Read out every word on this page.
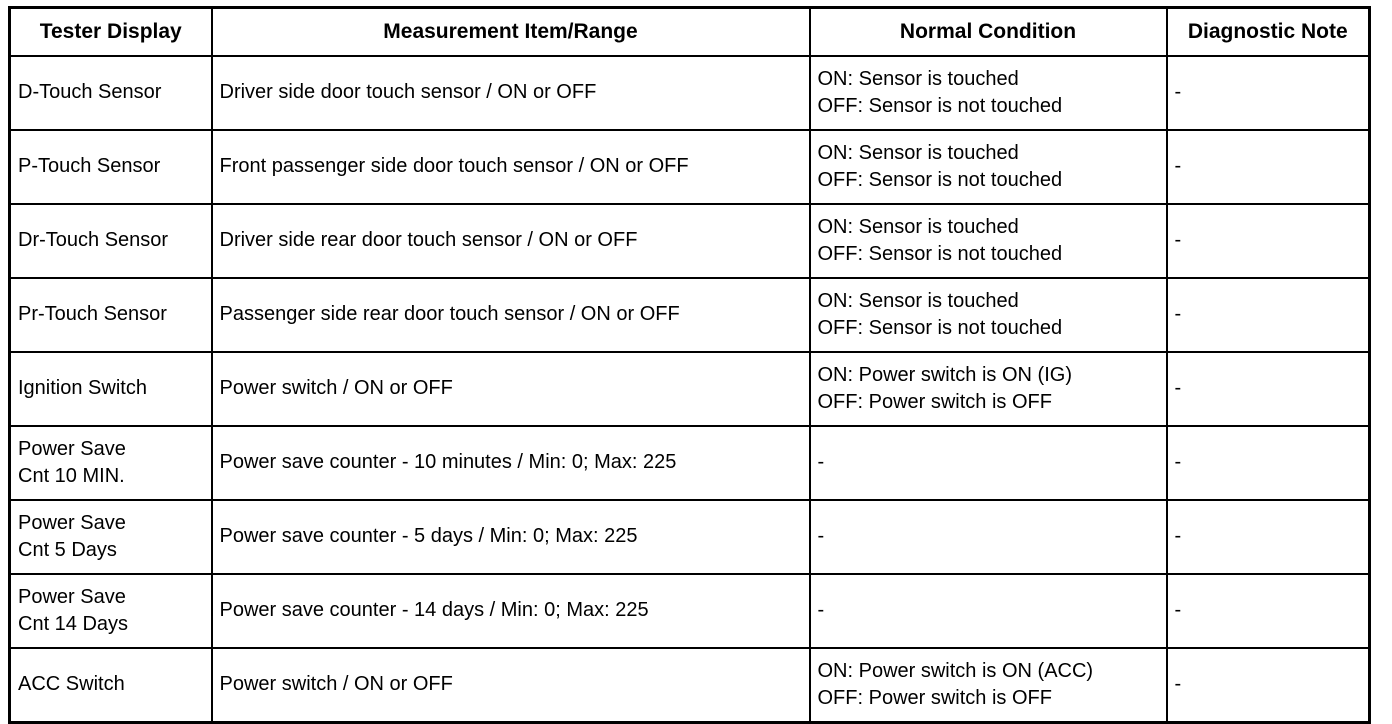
Tester Display	Measurement Item/Range	Normal Condition	Diagnostic Note

D-Touch Sensor	Driver side door touch sensor / ON or OFF	ON: Sensor is touched
OFF: Sensor is not touched	-

P-Touch Sensor	Front passenger side door touch sensor / ON or OFF	ON: Sensor is touched
OFF: Sensor is not touched	-

Dr-Touch Sensor	Driver side rear door touch sensor / ON or OFF	ON: Sensor is touched
OFF: Sensor is not touched	-

Pr-Touch Sensor	Passenger side rear door touch sensor / ON or OFF	ON: Sensor is touched
OFF: Sensor is not touched	-

Ignition Switch	Power switch / ON or OFF	ON: Power switch is ON (IG)
OFF: Power switch is OFF	-

Power Save
Cnt 10 MIN.	Power save counter - 10 minutes / Min: 0; Max: 225	-	-

Power Save
Cnt 5 Days	Power save counter - 5 days / Min: 0; Max: 225	-	-

Power Save
Cnt 14 Days	Power save counter - 14 days / Min: 0; Max: 225	-	-

ACC Switch	Power switch / ON or OFF	ON: Power switch is ON (ACC)
OFF: Power switch is OFF	-
